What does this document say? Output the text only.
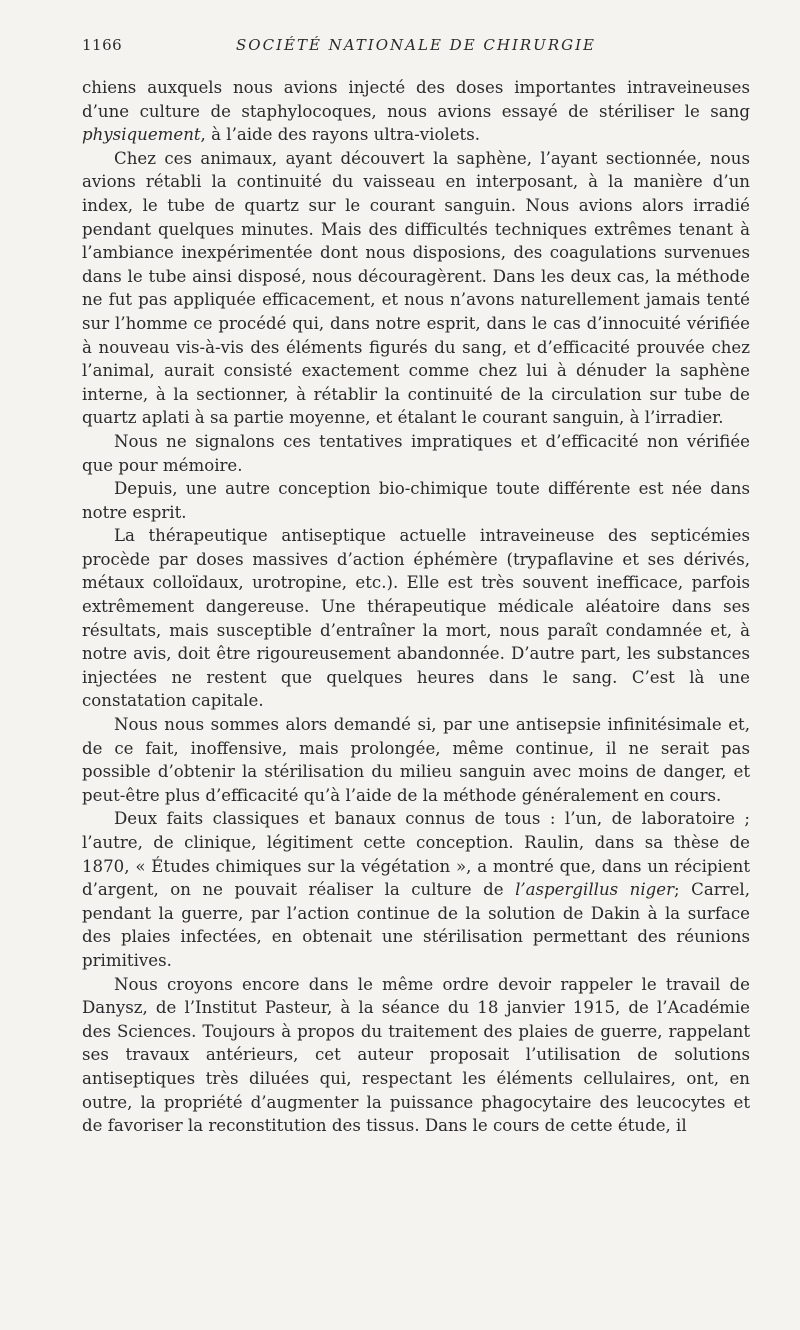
1166	SOCIÉTÉ NATIONALE DE CHIRURGIE

chiens auxquels nous avions injecté des doses importantes intraveineuses d’une culture de staphylocoques, nous avions essayé de stériliser le sang physiquement, à l’aide des rayons ultra-violets.

Chez ces animaux, ayant découvert la saphène, l’ayant sectionnée, nous avions rétabli la continuité du vaisseau en interposant, à la manière d’un index, le tube de quartz sur le courant sanguin. Nous avions alors irradié pendant quelques minutes. Mais des difficultés techniques extrêmes tenant à l’ambiance inexpérimentée dont nous disposions, des coagulations survenues dans le tube ainsi disposé, nous découragèrent. Dans les deux cas, la méthode ne fut pas appliquée efficacement, et nous n’avons naturellement jamais tenté sur l’homme ce procédé qui, dans notre esprit, dans le cas d’innocuité vérifiée à nouveau vis-à-vis des éléments figurés du sang, et d’efficacité prouvée chez l’animal, aurait consisté exactement comme chez lui à dénuder la saphène interne, à la sectionner, à rétablir la continuité de la circulation sur tube de quartz aplati à sa partie moyenne, et étalant le courant sanguin, à l’irradier.

Nous ne signalons ces tentatives impratiques et d’efficacité non vérifiée que pour mémoire.

Depuis, une autre conception bio-chimique toute différente est née dans notre esprit.

La thérapeutique antiseptique actuelle intraveineuse des septicémies procède par doses massives d’action éphémère (trypaflavine et ses dérivés, métaux colloïdaux, urotropine, etc.). Elle est très souvent inefficace, parfois extrêmement dangereuse. Une thérapeutique médicale aléatoire dans ses résultats, mais susceptible d’entraîner la mort, nous paraît condamnée et, à notre avis, doit être rigoureusement abandonnée. D’autre part, les substances injectées ne restent que quelques heures dans le sang. C’est là une constatation capitale.

Nous nous sommes alors demandé si, par une antisepsie infinitésimale et, de ce fait, inoffensive, mais prolongée, même continue, il ne serait pas possible d’obtenir la stérilisation du milieu sanguin avec moins de danger, et peut-être plus d’efficacité qu’à l’aide de la méthode généralement en cours.

Deux faits classiques et banaux connus de tous : l’un, de laboratoire ; l’autre, de clinique, légitiment cette conception. Raulin, dans sa thèse de 1870, « Études chimiques sur la végétation », a montré que, dans un récipient d’argent, on ne pouvait réaliser la culture de l’aspergillus niger; Carrel, pendant la guerre, par l’action continue de la solution de Dakin à la surface des plaies infectées, en obtenait une stérilisation permettant des réunions primitives.

Nous croyons encore dans le même ordre devoir rappeler le travail de Danysz, de l’Institut Pasteur, à la séance du 18 janvier 1915, de l’Académie des Sciences. Toujours à propos du traitement des plaies de guerre, rappelant ses travaux antérieurs, cet auteur proposait l’utilisation de solutions antiseptiques très diluées qui, respectant les éléments cellulaires, ont, en outre, la propriété d’augmenter la puissance phagocytaire des leucocytes et de favoriser la reconstitution des tissus. Dans le cours de cette étude, il
